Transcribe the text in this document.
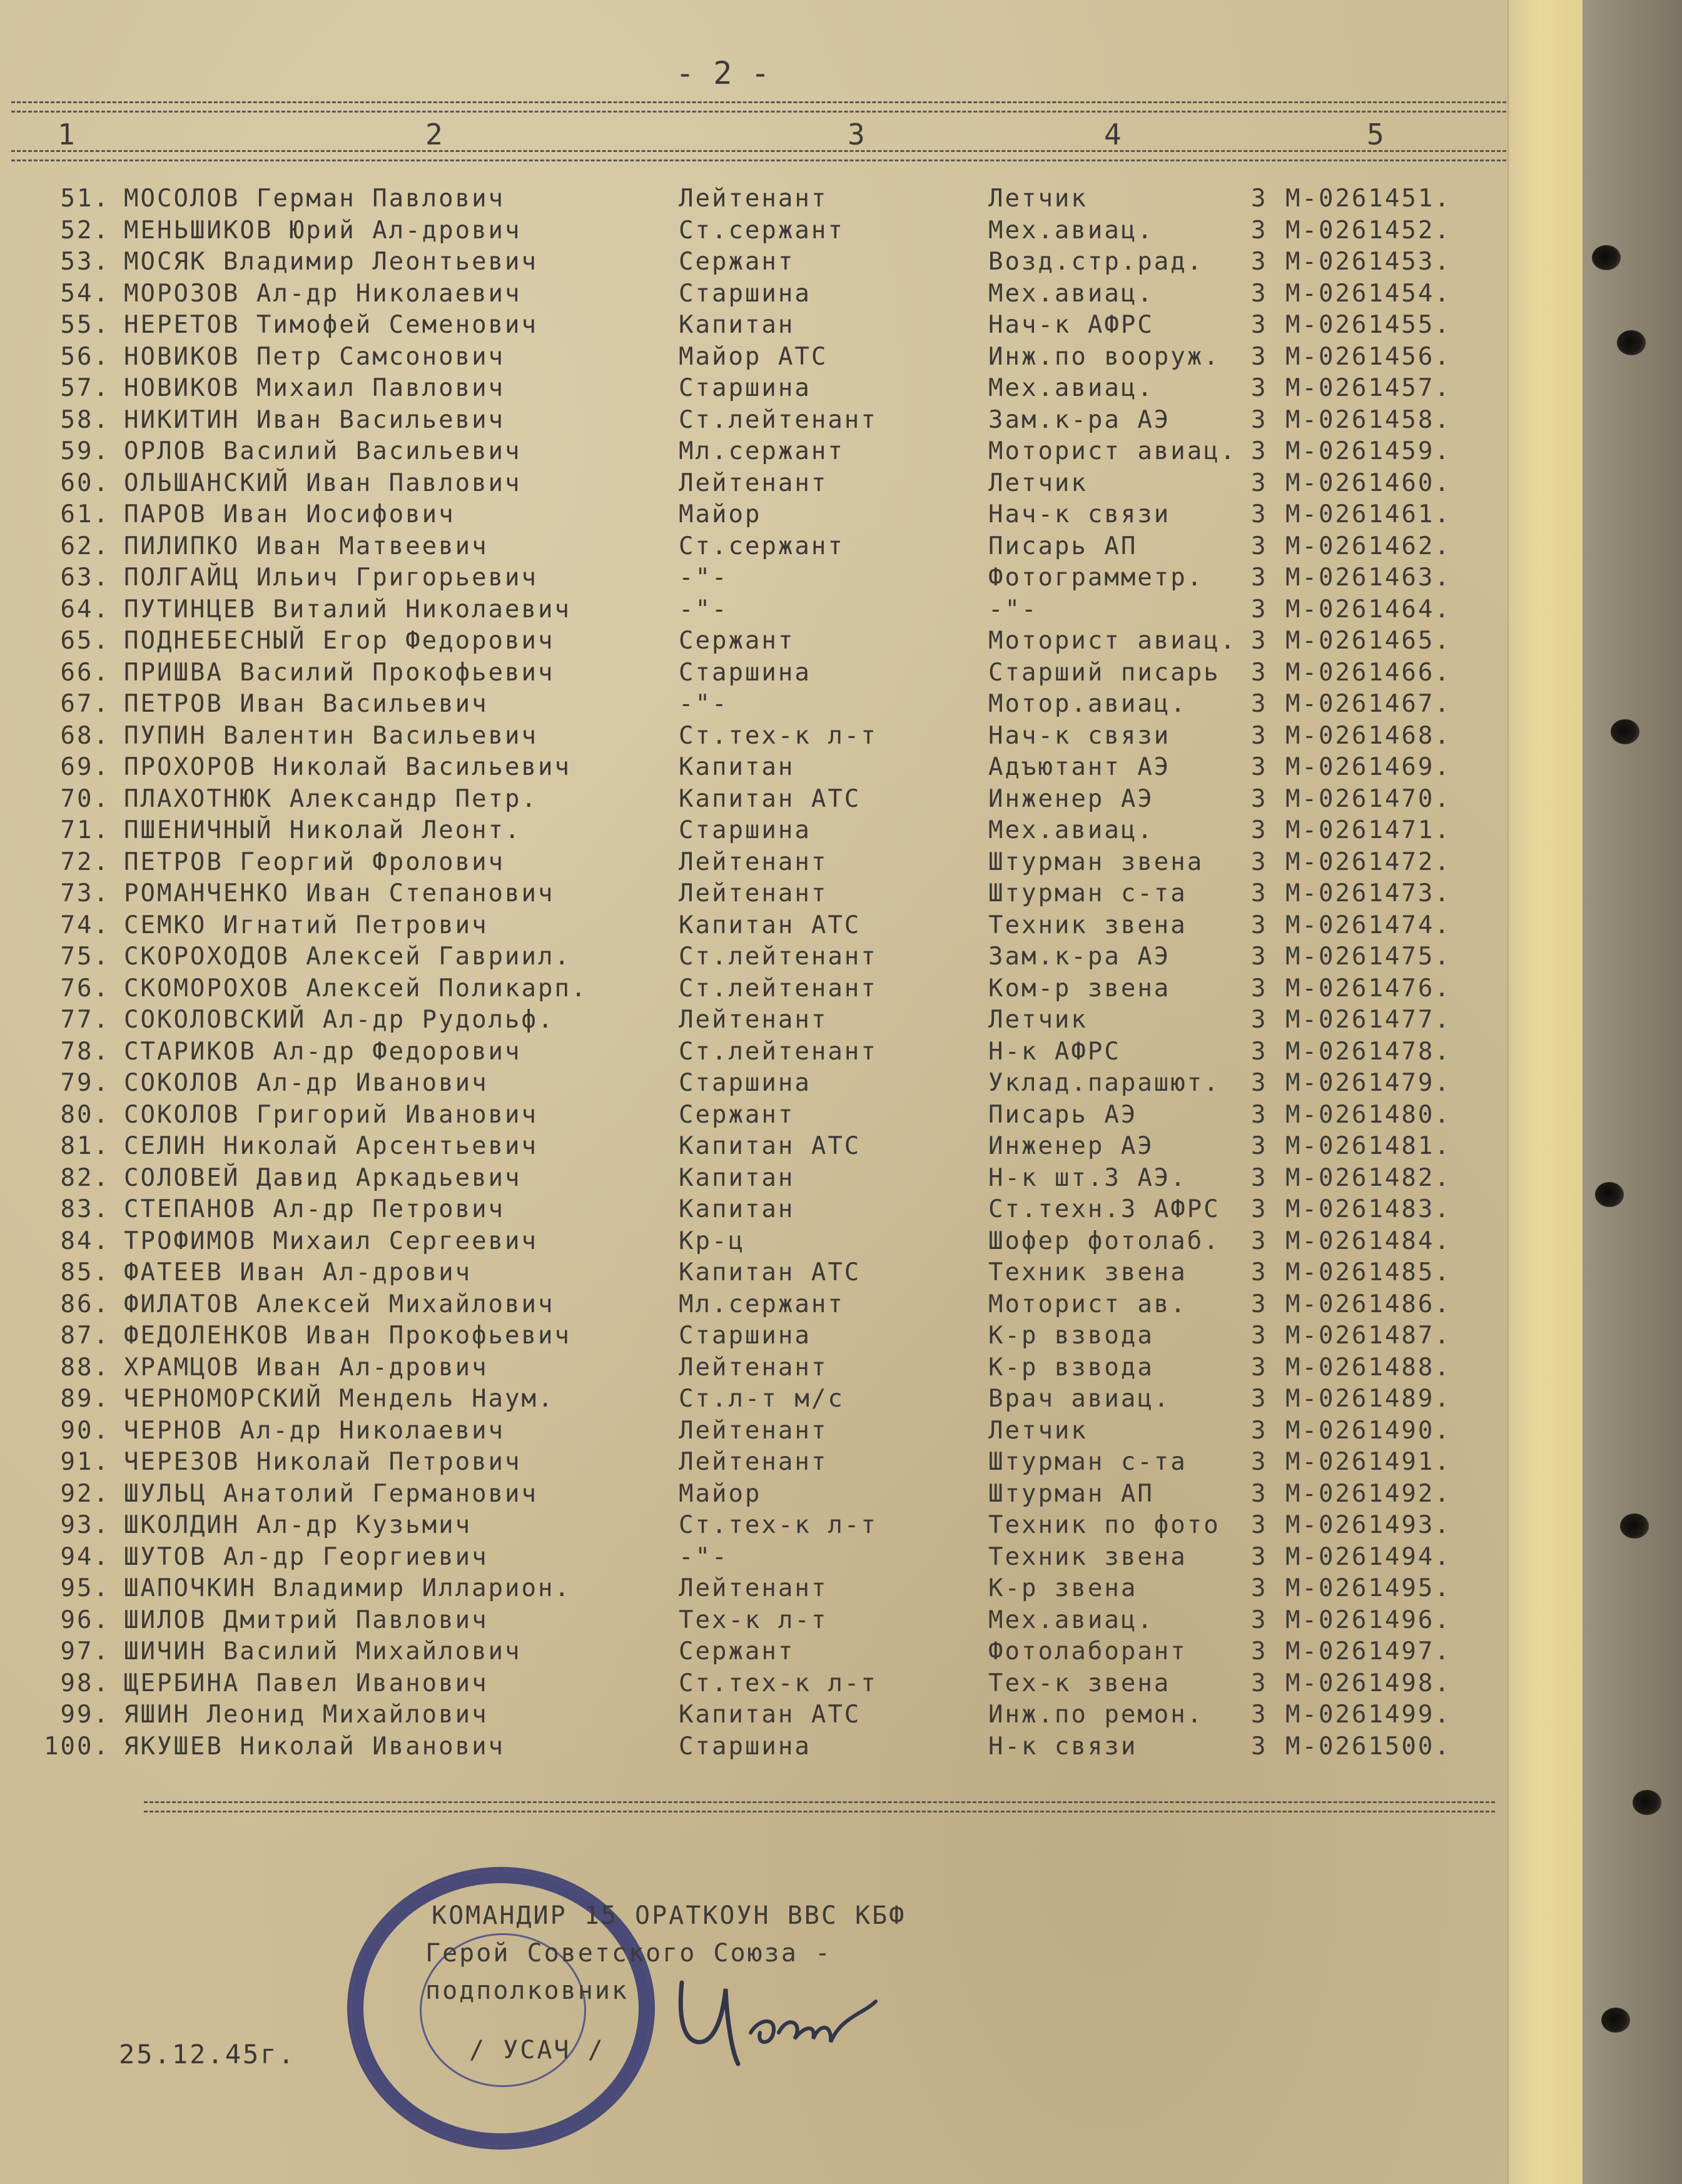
- 2 -
1	2	3	4	5
51. МОСОЛОВ Герман Павлович	Лейтенант	Летчик	3 М-0261451.
52. МЕНЬШИКОВ Юрий Ал-дрович	Ст.сержант	Мех.авиац.	3 М-0261452.
53. МОСЯК Владимир Леонтьевич	Сержант	Возд.стр.рад. 3 М-0261453.
54. МОРОЗОВ Ал-др Николаевич	Старшина	Мех.авиац.	3 М-0261454.
55. НЕРЕТОВ Тимофей Семенович	Капитан	Нач-к АФРС	3 М-0261455.
56. НОВИКОВ Петр Самсонович	Майор АТС	Инж.по вооруж. 3 М-0261456.
57. НОВИКОВ Михаил Павлович	Старшина	Мех.авиац.	3 М-0261457.
58. НИКИТИН Иван Васильевич	Ст.лейтенант	Зам.к-ра АЭ	3 М-0261458.
59. ОРЛОВ Василий Васильевич	Мл.сержант	Моторист авиац. 3 М-0261459.
60. ОЛЬШАНСКИЙ Иван Павлович	Лейтенант	Летчик	3 М-0261460.
61. ПАРОВ Иван Иосифович	Майор	Нач-к связи	3 М-0261461.
62. ПИЛИПКО Иван Матвеевич	Ст.сержант	Писарь АП	3 М-0261462.
63. ПОЛГАЙЦ Ильич Григорьевич	-"-	Фотограмметр. 3 М-0261463.
64. ПУТИНЦЕВ Виталий Николаевич	-"-	-"-	3 М-0261464.
65. ПОДНЕБЕСНЫЙ Егор Федорович	Сержант	Моторист авиац. 3 М-0261465.
66. ПРИШВА Василий Прокофьевич	Старшина	Старший писарь 3 М-0261466.
67. ПЕТРОВ Иван Васильевич	-"-	Мотор.авиац.	3 М-0261467.
68. ПУПИН Валентин Васильевич	Ст.тех-к л-т	Нач-к связи	3 М-0261468.
69. ПРОХОРОВ Николай Васильевич	Капитан	Адъютант АЭ	3 М-0261469.
70. ПЛАХОТНЮК Александр Петр.	Капитан АТС	Инженер АЭ	3 М-0261470.
71. ПШЕНИЧНЫЙ Николай Леонт.	Старшина	Мех.авиац.	3 М-0261471.
72. ПЕТРОВ Георгий Фролович	Лейтенант	Штурман звена 3 М-0261472.
73. РОМАНЧЕНКО Иван Степанович	Лейтенант	Штурман с-та	3 М-0261473.
74. СЕМКО Игнатий Петрович	Капитан АТС	Техник звена	3 М-0261474.
75. СКОРОХОДОВ Алексей Гавриил.	Ст.лейтенант	Зам.к-ра АЭ	3 М-0261475.
76. СКОМОРОХОВ Алексей Поликарп.	Ст.лейтенант	Ком-р звена	3 М-0261476.
77. СОКОЛОВСКИЙ Ал-др Рудольф.	Лейтенант	Летчик	3 М-0261477.
78. СТАРИКОВ Ал-др Федорович	Ст.лейтенант	Н-к АФРС	3 М-0261478.
79. СОКОЛОВ Ал-др Иванович	Старшина	Уклад.парашют. 3 М-0261479.
80. СОКОЛОВ Григорий Иванович	Сержант	Писарь АЭ	3 М-0261480.
81. СЕЛИН Николай Арсентьевич	Капитан АТС	Инженер АЭ	3 М-0261481.
82. СОЛОВЕЙ Давид Аркадьевич	Капитан	Н-к шт.3 АЭ.	3 М-0261482.
83. СТЕПАНОВ Ал-др Петрович	Капитан	Ст.техн.3 АФРС 3 М-0261483.
84. ТРОФИМОВ Михаил Сергеевич	Кр-ц	Шофер фотолаб. 3 М-0261484.
85. ФАТЕЕВ Иван Ал-дрович	Капитан АТС	Техник звена	3 М-0261485.
86. ФИЛАТОВ Алексей Михайлович	Мл.сержант	Моторист ав.	3 М-0261486.
87. ФЕДОЛЕНКОВ Иван Прокофьевич	Старшина	К-р взвода	3 М-0261487.
88. ХРАМЦОВ Иван Ал-дрович	Лейтенант	К-р взвода	3 М-0261488.
89. ЧЕРНОМОРСКИЙ Мендель Наум.	Ст.л-т м/с	Врач авиац.	3 М-0261489.
90. ЧЕРНОВ Ал-др Николаевич	Лейтенант	Летчик	3 М-0261490.
91. ЧЕРЕЗОВ Николай Петрович	Лейтенант	Штурман с-та	3 М-0261491.
92. ШУЛЬЦ Анатолий Германович	Майор	Штурман АП	3 М-0261492.
93. ШКОЛДИН Ал-др Кузьмич	Ст.тех-к л-т	Техник по фото 3 М-0261493.
94. ШУТОВ Ал-др Георгиевич	-"-	Техник звена	3 М-0261494.
95. ШАПОЧКИН Владимир Илларион.	Лейтенант	К-р звена	3 М-0261495.
96. ШИЛОВ Дмитрий Павлович	Тех-к л-т	Мех.авиац.	3 М-0261496.
97. ШИЧИН Василий Михайлович	Сержант	Фотолаборант	3 М-0261497.
98. ЩЕРБИНА Павел Иванович	Ст.тех-к л-т	Тех-к звена	3 М-0261498.
99. ЯШИН Леонид Михайлович	Капитан АТС	Инж.по ремон. 3 М-0261499.
100. ЯКУШЕВ Николай Иванович	Старшина	Н-к связи	3 М-0261500.
КОМАНДИР 15 ОРАТКОУН ВВС КБФ
Герой Советского Союза -
подполковник
/ УСАЧ /
25.12.45г.
